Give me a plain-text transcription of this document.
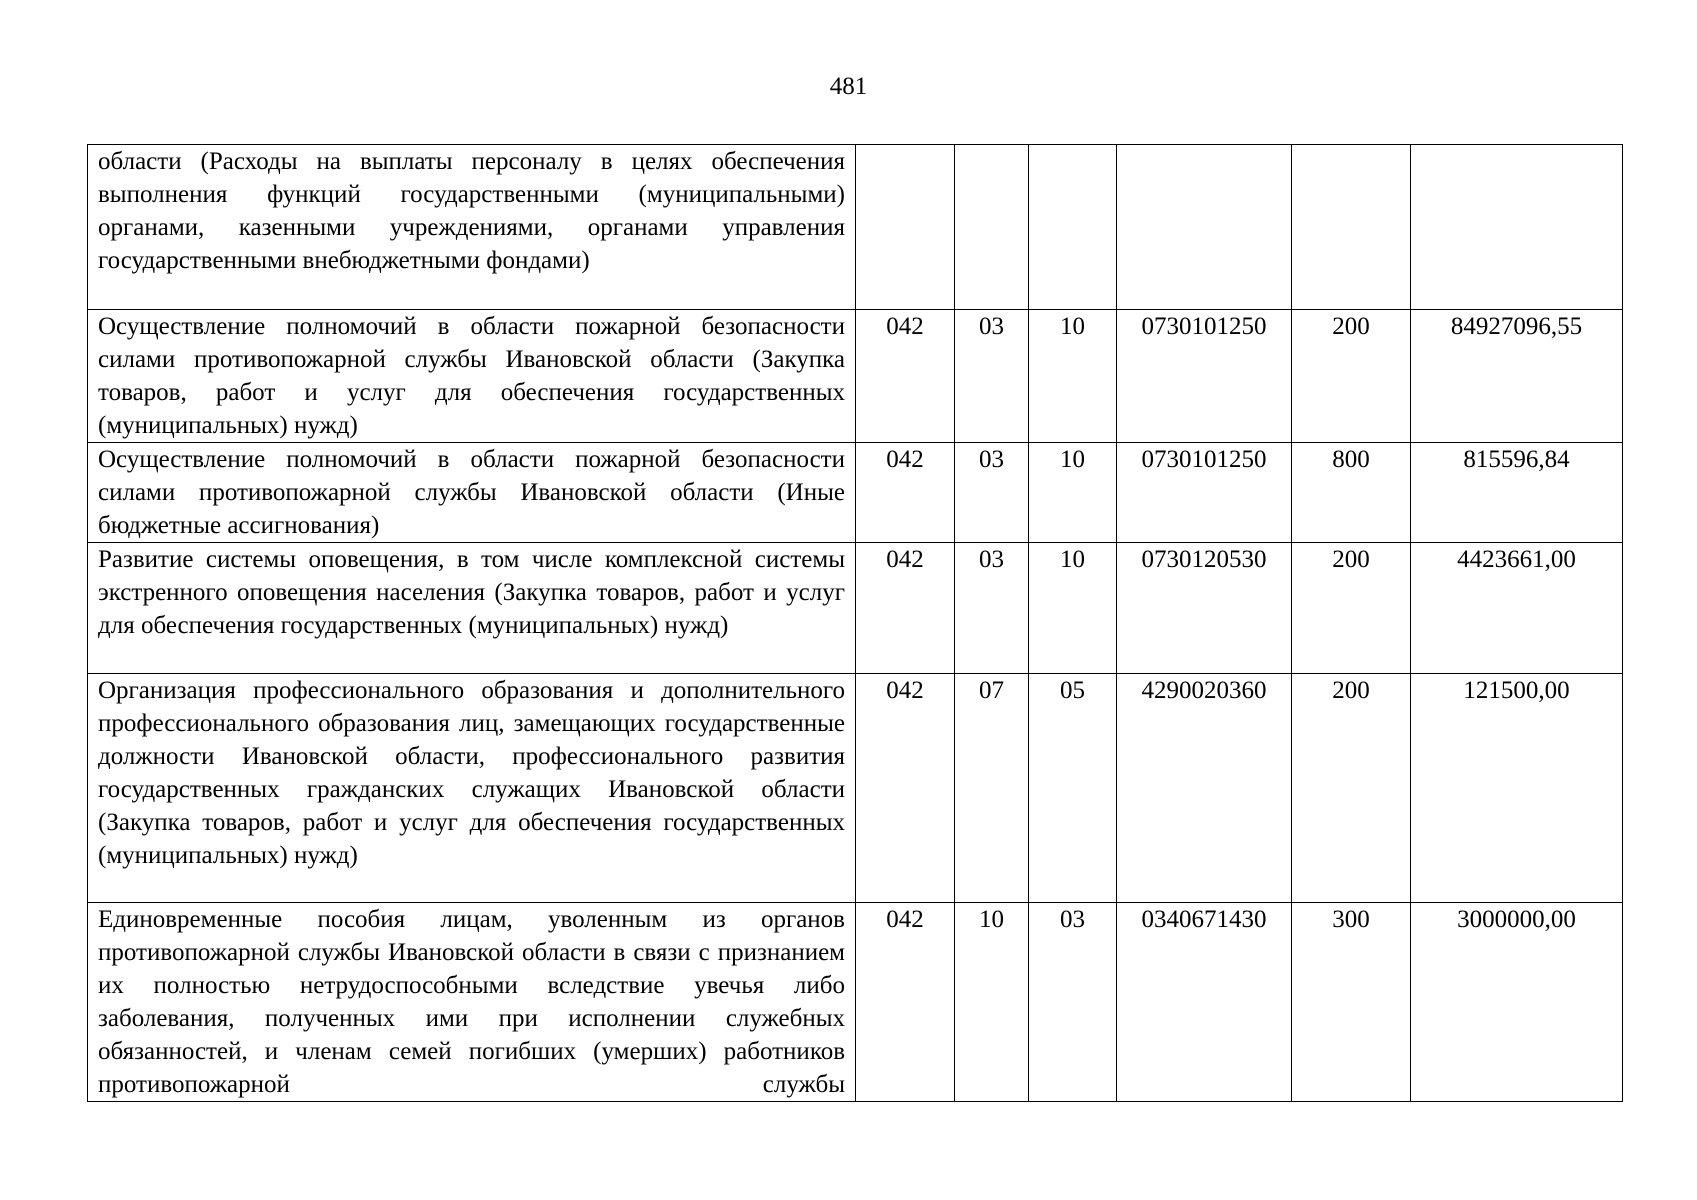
481
области (Расходы на выплаты персоналу в целях обеспечения выполнения функций государственными (муниципальными) органами, казенными учреждениями, органами управления государственными внебюджетными фондами)						
Осуществление полномочий в области пожарной безопасности силами противопожарной службы Ивановской области (Закупка товаров, работ и услуг для обеспечения государственных (муниципальных) нужд)	042	03	10	0730101250	200	84927096,55
Осуществление полномочий в области пожарной безопасности силами противопожарной службы Ивановской области (Иные бюджетные ассигнования)	042	03	10	0730101250	800	815596,84
Развитие системы оповещения, в том числе комплексной системы экстренного оповещения населения (Закупка товаров, работ и услуг для обеспечения государственных (муниципальных) нужд)	042	03	10	0730120530	200	4423661,00
Организация профессионального образования и дополнительного профессионального образования лиц, замещающих государственные должности Ивановской области, профессионального развития государственных гражданских служащих Ивановской области (Закупка товаров, работ и услуг для обеспечения государственных (муниципальных) нужд)	042	07	05	4290020360	200	121500,00
Единовременные пособия лицам, уволенным из органов противопожарной службы Ивановской области в связи с признанием их полностью нетрудоспособными вследствие увечья либо заболевания, полученных ими при исполнении служебных обязанностей, и членам семей погибших (умерших) работников противопожарной службы	042	10	03	0340671430	300	3000000,00
